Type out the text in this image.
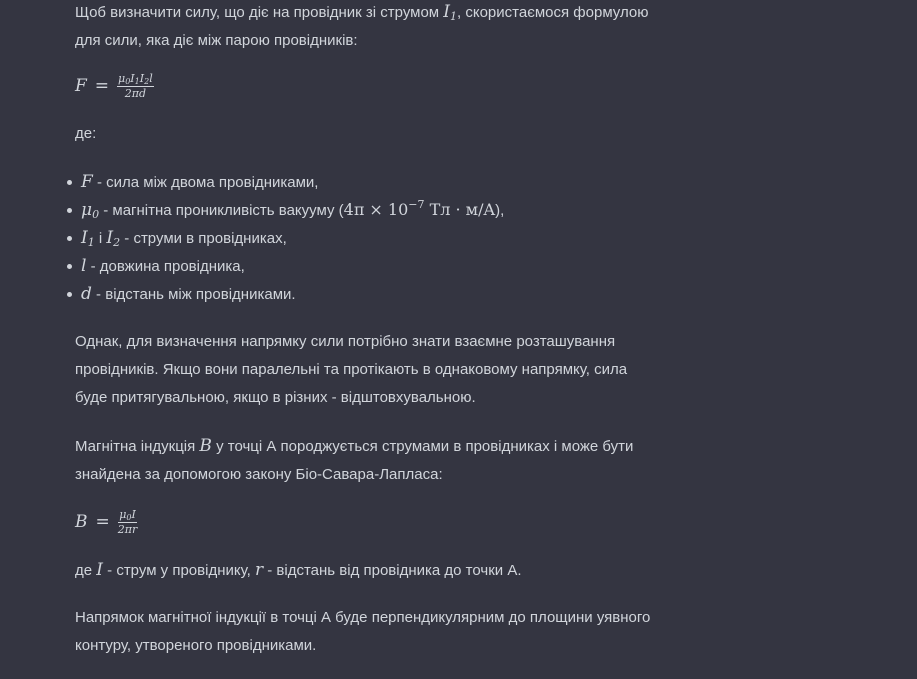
Щоб визначити силу, що діє на провідник зі струмом $I_1$, скористаємося формулою
для сили, яка діє між парою провідників:

$F = \frac{\mu_0I_1I_2l}{2\pi d}$

де:

F - сила між двома провідниками,
$\mu_0$ - магнітна проникливість вакууму ($4\pi \times 10^{-7}$ Тл · м/A),
$I_1$ і $I_2$ - струми в провідниках,
l - довжина провідника,
d - відстань між провідниками.

Однак, для визначення напрямку сили потрібно знати взаємне розташування
провідників. Якщо вони паралельні та протікають в однаковому напрямку, сила
буде притягувальною, якщо в різних - відштовхувальною.

Магнітна індукція B у точці А породжується струмами в провідниках і може бути
знайдена за допомогою закону Біо-Савара-Лапласа:

$B = \frac{\mu_0I}{2\pi r}$

де I - струм у провіднику, r - відстань від провідника до точки А.

Напрямок магнітної індукції в точці А буде перпендикулярним до площини уявного
контуру, утвореного провідниками.
